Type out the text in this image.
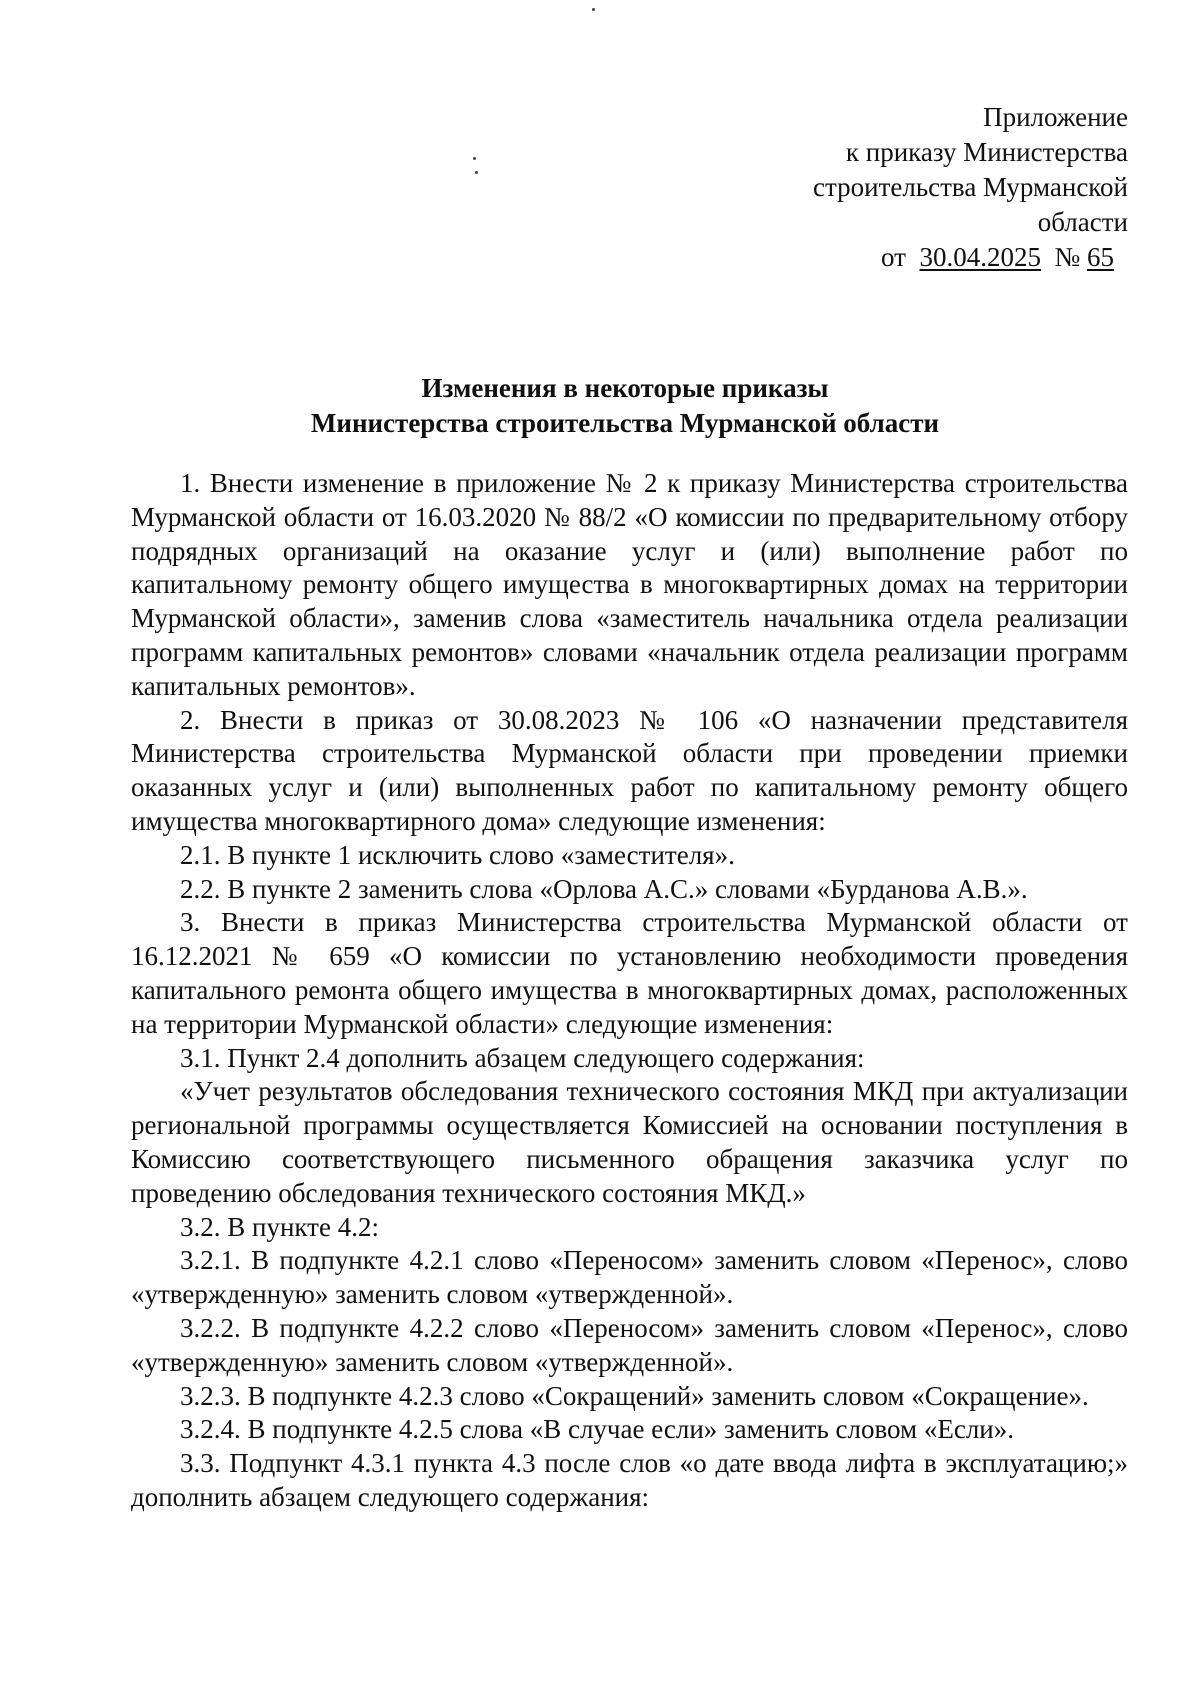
Приложение
к приказу Министерства
строительства Мурманской
области
от 30.04.2025 № 65
Изменения в некоторые приказы
Министерства строительства Мурманской области

1. Внести изменение в приложение № 2 к приказу Министерства строительства Мурманской области от 16.03.2020 № 88/2 «О комиссии по предварительному отбору подрядных организаций на оказание услуг и (или) выполнение работ по капитальному ремонту общего имущества в многоквартирных домах на территории Мурманской области», заменив слова «заместитель начальника отдела реализации программ капитальных ремонтов» словами «начальник отдела реализации программ капитальных ремонтов».

2. Внести в приказ от 30.08.2023 № 106 «О назначении представителя Министерства строительства Мурманской области при проведении приемки оказанных услуг и (или) выполненных работ по капитальному ремонту общего имущества многоквартирного дома» следующие изменения:

2.1. В пункте 1 исключить слово «заместителя».

2.2. В пункте 2 заменить слова «Орлова А.С.» словами «Бурданова А.В.».

3. Внести в приказ Министерства строительства Мурманской области от 16.12.2021 № 659 «О комиссии по установлению необходимости проведения капитального ремонта общего имущества в многоквартирных домах, расположенных на территории Мурманской области» следующие изменения:

3.1. Пункт 2.4 дополнить абзацем следующего содержания:

«Учет результатов обследования технического состояния МКД при актуализации региональной программы осуществляется Комиссией на основании поступления в Комиссию соответствующего письменного обращения заказчика услуг по проведению обследования технического состояния МКД.»

3.2. В пункте 4.2:

3.2.1. В подпункте 4.2.1 слово «Переносом» заменить словом «Перенос», слово «утвержденную» заменить словом «утвержденной».

3.2.2. В подпункте 4.2.2 слово «Переносом» заменить словом «Перенос», слово «утвержденную» заменить словом «утвержденной».

3.2.3. В подпункте 4.2.3 слово «Сокращений» заменить словом «Сокращение».

3.2.4. В подпункте 4.2.5 слова «В случае если» заменить словом «Если».

3.3. Подпункт 4.3.1 пункта 4.3 после слов «о дате ввода лифта в эксплуатацию;» дополнить абзацем следующего содержания:
